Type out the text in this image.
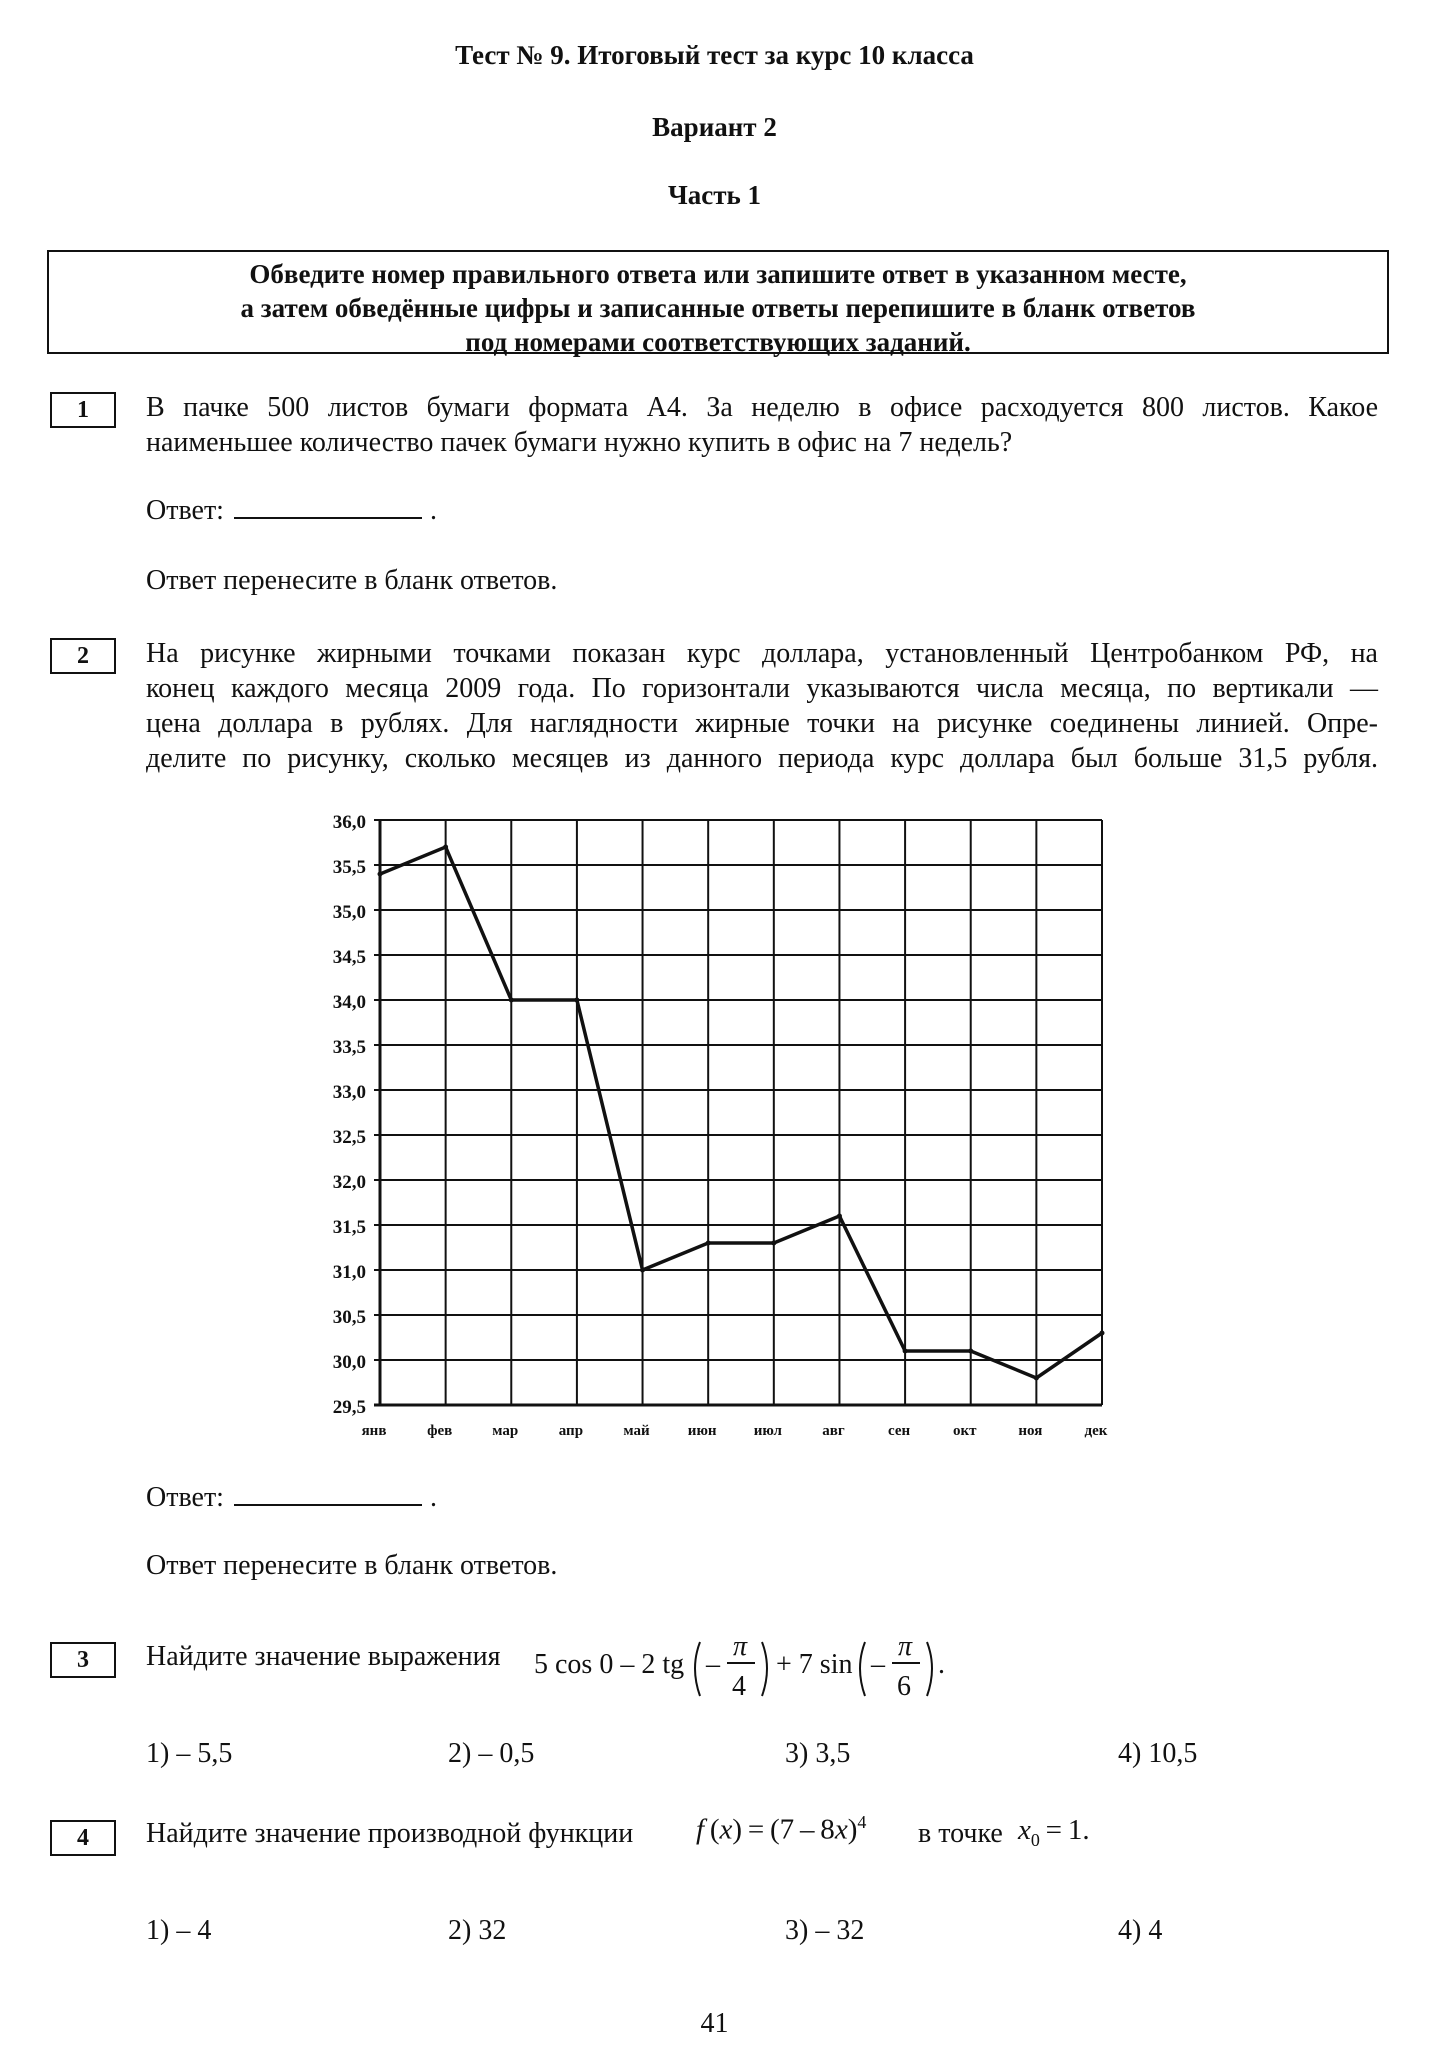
Тест № 9. Итоговый тест за курс 10 класса
Вариант 2
Часть 1
Обведите номер правильного ответа или запишите ответ в указанном месте,
а затем обведённые цифры и записанные ответы перепишите в бланк ответов
под номерами соответствующих заданий.
1	В пачке 500 листов бумаги формата А4. За неделю в офисе расходуется 800 листов. Какое
наименьшее количество пачек бумаги нужно купить в офис на 7 недель?
Ответ:	.
Ответ перенесите в бланк ответов.
2	На рисунке жирными точками показан курс доллара, установленный Центробанком РФ, на
конец каждого месяца 2009 года. По горизонтали указываются числа месяца, по вертикали —
цена доллара в рублях. Для наглядности жирные точки на рисунке соединены линией. Опре-
делите по рисунку, сколько месяцев из данного периода курс доллара был больше 31,5 рубля.
29,5
30,0
30,5
31,0
31,5
32,0
32,5
33,0
33,5
34,0
34,5
35,0
35,5
36,0
янв	фев	мар	апр	май	июн июл	авг	сен	окт	ноя	дек
Ответ:	.
Ответ перенесите в бланк ответов.
3	Найдите значение выражения 5 cos 0 – 2 tg –
π
4
+ 7 sin –
π
6
.
1) – 5,5	2) – 0,5	3) 3,5	4) 10,5
4	Найдите значение производной функции f (x) = (7 – 8x)$^4$ в точке $x_0 = 1$.
1) – 4	2) 32	3) – 32	4) 4
41
